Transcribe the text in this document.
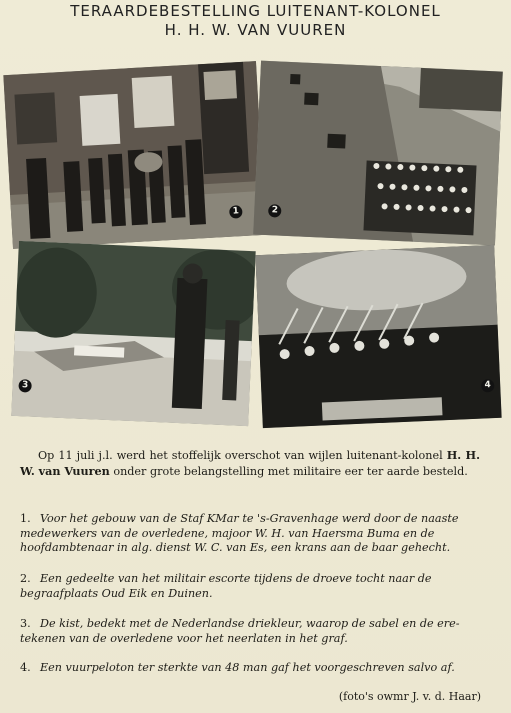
TERAARDEBESTELLING LUITENANT-KOLONEL
H. H. W. VAN VUUREN
1	2
3	4
Op 11 juli j.l. werd het stoffelijk overschot van wijlen luitenant-kolonel H. H. W. van Vuuren onder grote belangstelling met militaire eer ter aarde besteld.
1. Voor het gebouw van de Staf KMar te 's-Gravenhage werd door de naaste medewerkers van de overledene, majoor W. H. van Haersma Buma en de hoofdambtenaar in alg. dienst W. C. van Es, een krans aan de baar gehecht.
2. Een gedeelte van het militair escorte tijdens de droeve tocht naar de begraafplaats Oud Eik en Duinen.
3. De kist, bedekt met de Nederlandse driekleur, waarop de sabel en de ere-tekenen van de overledene voor het neerlaten in het graf.
4. Een vuurpeloton ter sterkte van 48 man gaf het voorgeschreven salvo af.
(foto's owmr J. v. d. Haar)
